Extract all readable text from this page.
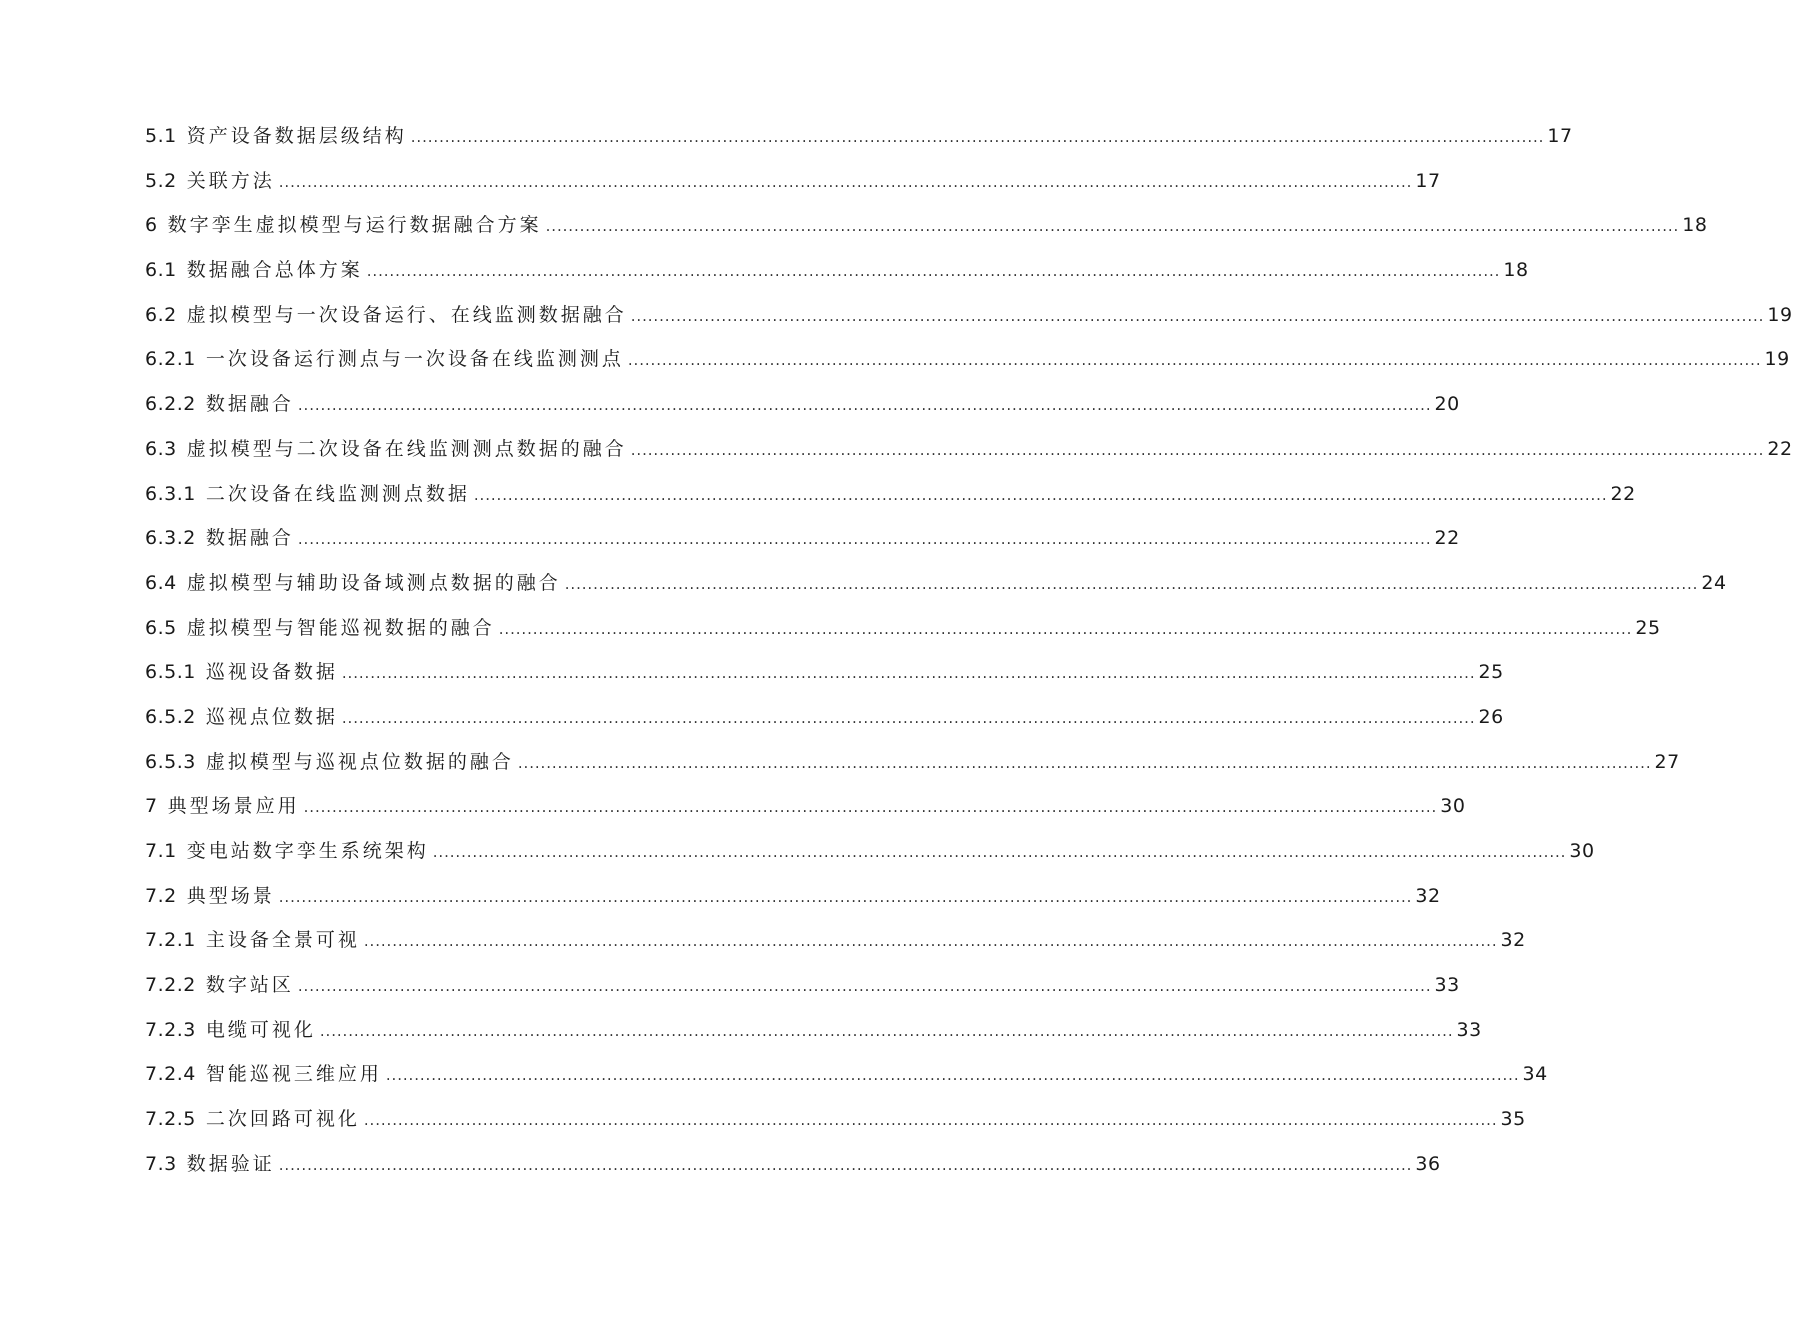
5.1 资产设备数据层级结构 ........................................................................................................................................................................................................ 17
5.2 关联方法 ........................................................................................................................................................................................................ 17
6 数字孪生虚拟模型与运行数据融合方案 ........................................................................................................................................................................................................ 18
6.1 数据融合总体方案 ........................................................................................................................................................................................................ 18
6.2 虚拟模型与一次设备运行、在线监测数据融合 ........................................................................................................................................................................................................ 19
6.2.1 一次设备运行测点与一次设备在线监测测点 ........................................................................................................................................................................................................ 19
6.2.2 数据融合 ........................................................................................................................................................................................................ 20
6.3 虚拟模型与二次设备在线监测测点数据的融合 ........................................................................................................................................................................................................ 22
6.3.1 二次设备在线监测测点数据 ........................................................................................................................................................................................................ 22
6.3.2 数据融合 ........................................................................................................................................................................................................ 22
6.4 虚拟模型与辅助设备域测点数据的融合 ........................................................................................................................................................................................................ 24
6.5 虚拟模型与智能巡视数据的融合 ........................................................................................................................................................................................................ 25
6.5.1 巡视设备数据 ........................................................................................................................................................................................................ 25
6.5.2 巡视点位数据 ........................................................................................................................................................................................................ 26
6.5.3 虚拟模型与巡视点位数据的融合 ........................................................................................................................................................................................................ 27
7 典型场景应用 ........................................................................................................................................................................................................ 30
7.1 变电站数字孪生系统架构 ........................................................................................................................................................................................................ 30
7.2 典型场景 ........................................................................................................................................................................................................ 32
7.2.1 主设备全景可视 ........................................................................................................................................................................................................ 32
7.2.2 数字站区 ........................................................................................................................................................................................................ 33
7.2.3 电缆可视化 ........................................................................................................................................................................................................ 33
7.2.4 智能巡视三维应用 ........................................................................................................................................................................................................ 34
7.2.5 二次回路可视化 ........................................................................................................................................................................................................ 35
7.3 数据验证 ........................................................................................................................................................................................................ 36
